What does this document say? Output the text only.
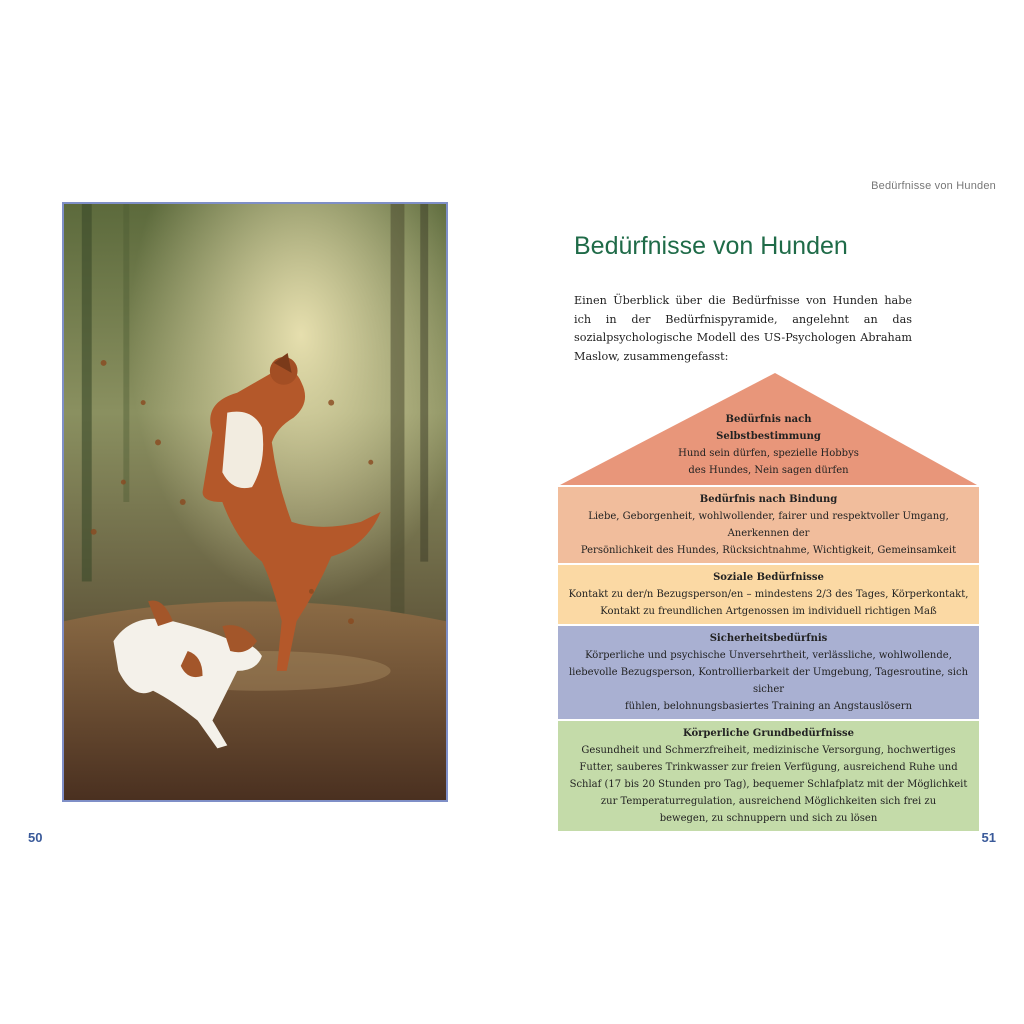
Bedürfnisse von Hunden
Bedürfnisse von Hunden

Einen Überblick über die Bedürfnisse von Hunden habe ich in der Bedürfnispyramide, angelehnt an das sozialpsychologische Modell des US-Psychologen Abraham Maslow, zusammengefasst:

Bedürfnis nach
Selbstbestimmung
Hund sein dürfen, spezielle Hobbys
des Hundes, Nein sagen dürfen
Bedürfnis nach Bindung
Liebe, Geborgenheit, wohlwollender, fairer und respektvoller Umgang, Anerkennen der
Persönlichkeit des Hundes, Rücksichtnahme, Wichtigkeit, Gemeinsamkeit
Soziale Bedürfnisse
Kontakt zu der/n Bezugsperson/en – mindestens 2/3 des Tages, Körperkontakt,
Kontakt zu freundlichen Artgenossen im individuell richtigen Maß
Sicherheitsbedürfnis
Körperliche und psychische Unversehrtheit, verlässliche, wohlwollende,
liebevolle Bezugsperson, Kontrollierbarkeit der Umgebung, Tagesroutine, sich sicher
fühlen, belohnungsbasiertes Training an Angstauslösern
Körperliche Grundbedürfnisse
Gesundheit und Schmerzfreiheit, medizinische Versorgung, hochwertiges
Futter, sauberes Trinkwasser zur freien Verfügung, ausreichend Ruhe und
Schlaf (17 bis 20 Stunden pro Tag), bequemer Schlafplatz mit der Möglichkeit
zur Temperaturregulation, ausreichend Möglichkeiten sich frei zu
bewegen, zu schnuppern und sich zu lösen
50	51
